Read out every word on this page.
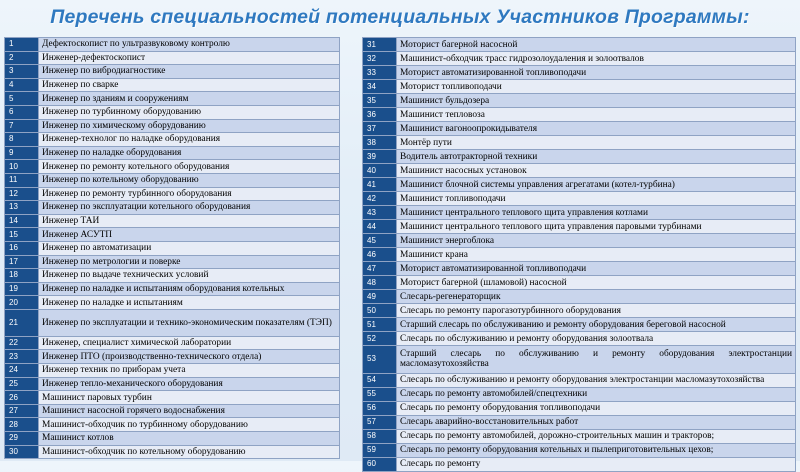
Перечень специальностей потенциальных Участников Программы:
1	Дефектоскопист по ультразвуковому контролю
2	Инженер-дефектоскопист
3	Инженер по вибродиагностике
4	Инженер по сварке
5	Инженер по зданиям и сооружениям
6	Инженер по турбинному оборудованию
7	Инженер по химическому оборудованию
8	Инженер-технолог по наладке оборудования
9	Инженер по наладке оборудования
10	Инженер по ремонту котельного оборудования
11	Инженер по котельному оборудованию
12	Инженер по ремонту турбинного оборудования
13	Инженер по эксплуатации котельного оборудования
14	Инженер ТАИ
15	Инженер АСУТП
16	Инженер по автоматизации
17	Инженер по метрологии и поверке
18	Инженер по выдаче технических условий
19	Инженер по наладке и испытаниям оборудования котельных
20	Инженер по наладке и испытаниям
21	Инженер по эксплуатации и технико-экономическим показателям (ТЭП)
22	Инженер, специалист химической лаборатории
23	Инженер ПТО (производственно-технического отдела)
24	Инженер техник по приборам учета
25	Инженер тепло-механического оборудования
26	Машинист паровых турбин
27	Машинист насосной горячего водоснабжения
28	Машинист-обходчик по турбинному оборудованию
29	Машинист котлов
30	Машинист-обходчик по котельному оборудованию
31	Моторист багерной насосной
32	Машинист-обходчик трасс гидрозолоудаления и золоотвалов
33	Моторист автоматизированной топливоподачи
34	Моторист топливоподачи
35	Машинист бульдозера
36	Машинист тепловоза
37	Машинист вагоноопрокидывателя
38	Монтёр пути
39	Водитель автотракторной техники
40	Машинист насосных установок
41	Машинист блочной системы управления агрегатами (котел-турбина)
42	Машинист топливоподачи
43	Машинист центрального теплового щита управления котлами
44	Машинист центрального теплового щита управления паровыми турбинами
45	Машинист энергоблока
46	Машинист крана
47	Моторист автоматизированной топливоподачи
48	Моторист багерной (шламовой) насосной
49	Слесарь-регенераторщик
50	Слесарь по ремонту парогазотурбинного оборудования
51	Старший слесарь по обслуживанию и ремонту оборудования береговой насосной
52	Слесарь по обслуживанию и ремонту оборудования золоотвала
53	Старший слесарь по обслуживанию и ремонту оборудования электростанции масломазутохозяйства
54	Слесарь по обслуживанию и ремонту оборудования электростанции масломазутохозяйства
55	Слесарь по ремонту автомобилей/спецтехники
56	Слесарь по ремонту оборудования топливоподачи
57	Слесарь аварийно-восстановительных работ
58	Слесарь по ремонту автомобилей, дорожно-строительных машин и тракторов;
59	Слесарь по ремонту оборудования котельных и пылеприготовительных цехов;
60	Слесарь по ремонту
